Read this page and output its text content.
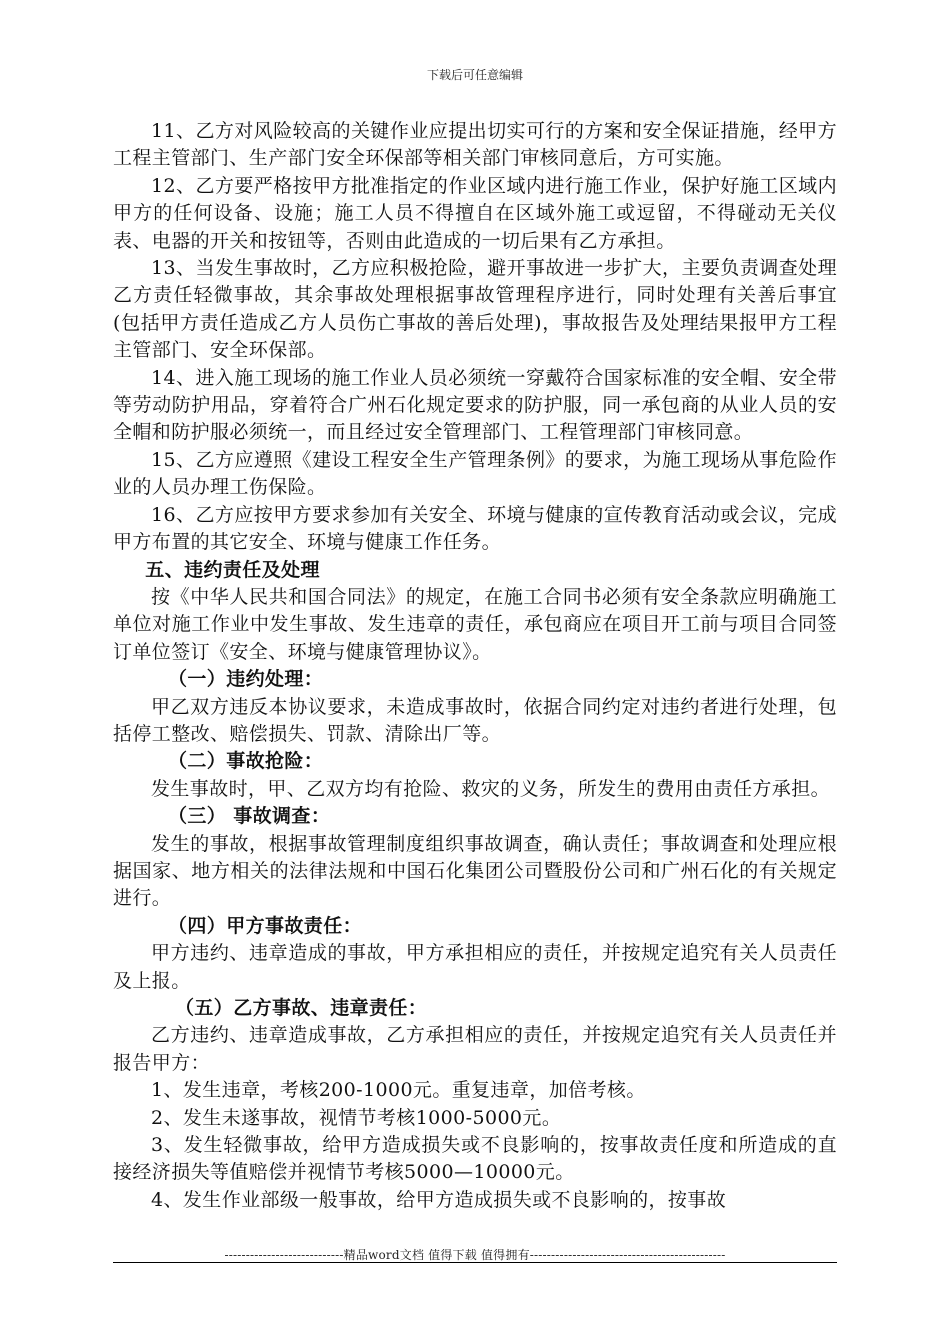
下载后可任意编辑

11、乙方对风险较高的关键作业应提出切实可行的方案和安全保证措施，经甲方工程主管部门、生产部门安全环保部等相关部门审核同意后，方可实施。

12、乙方要严格按甲方批准指定的作业区域内进行施工作业，保护好施工区域内甲方的任何设备、设施；施工人员不得擅自在区域外施工或逗留，不得碰动无关仪表、电器的开关和按钮等，否则由此造成的一切后果有乙方承担。

13、当发生事故时，乙方应积极抢险，避开事故进一步扩大，主要负责调查处理乙方责任轻微事故，其余事故处理根据事故管理程序进行，同时处理有关善后事宜(包括甲方责任造成乙方人员伤亡事故的善后处理)，事故报告及处理结果报甲方工程主管部门、安全环保部。

14、进入施工现场的施工作业人员必须统一穿戴符合国家标准的安全帽、安全带等劳动防护用品，穿着符合广州石化规定要求的防护服，同一承包商的从业人员的安全帽和防护服必须统一，而且经过安全管理部门、工程管理部门审核同意。

15、乙方应遵照《建设工程安全生产管理条例》的要求，为施工现场从事危险作业的人员办理工伤保险。

16、乙方应按甲方要求参加有关安全、环境与健康的宣传教育活动或会议，完成甲方布置的其它安全、环境与健康工作任务。

五、违约责任及处理

按《中华人民共和国合同法》的规定，在施工合同书必须有安全条款应明确施工单位对施工作业中发生事故、发生违章的责任，承包商应在项目开工前与项目合同签订单位签订《安全、环境与健康管理协议》。

（一）违约处理：

甲乙双方违反本协议要求，未造成事故时，依据合同约定对违约者进行处理，包括停工整改、赔偿损失、罚款、清除出厂等。

（二）事故抢险：

发生事故时，甲、乙双方均有抢险、救灾的义务，所发生的费用由责任方承担。

（三） 事故调查：

发生的事故，根据事故管理制度组织事故调查，确认责任；事故调查和处理应根据国家、地方相关的法律法规和中国石化集团公司暨股份公司和广州石化的有关规定进行。

（四）甲方事故责任：

甲方违约、违章造成的事故，甲方承担相应的责任，并按规定追究有关人员责任及上报。

（五）乙方事故、违章责任：

乙方违约、违章造成事故，乙方承担相应的责任，并按规定追究有关人员责任并报告甲方：

1、发生违章，考核200-1000元。重复违章，加倍考核。

2、发生未遂事故，视情节考核1000-5000元。

3、发生轻微事故，给甲方造成损失或不良影响的，按事故责任度和所造成的直接经济损失等值赔偿并视情节考核5000—10000元。

4、发生作业部级一般事故，给甲方造成损失或不良影响的，按事故

----------------------------精品word文档 值得下载 值得拥有----------------------------------------------
